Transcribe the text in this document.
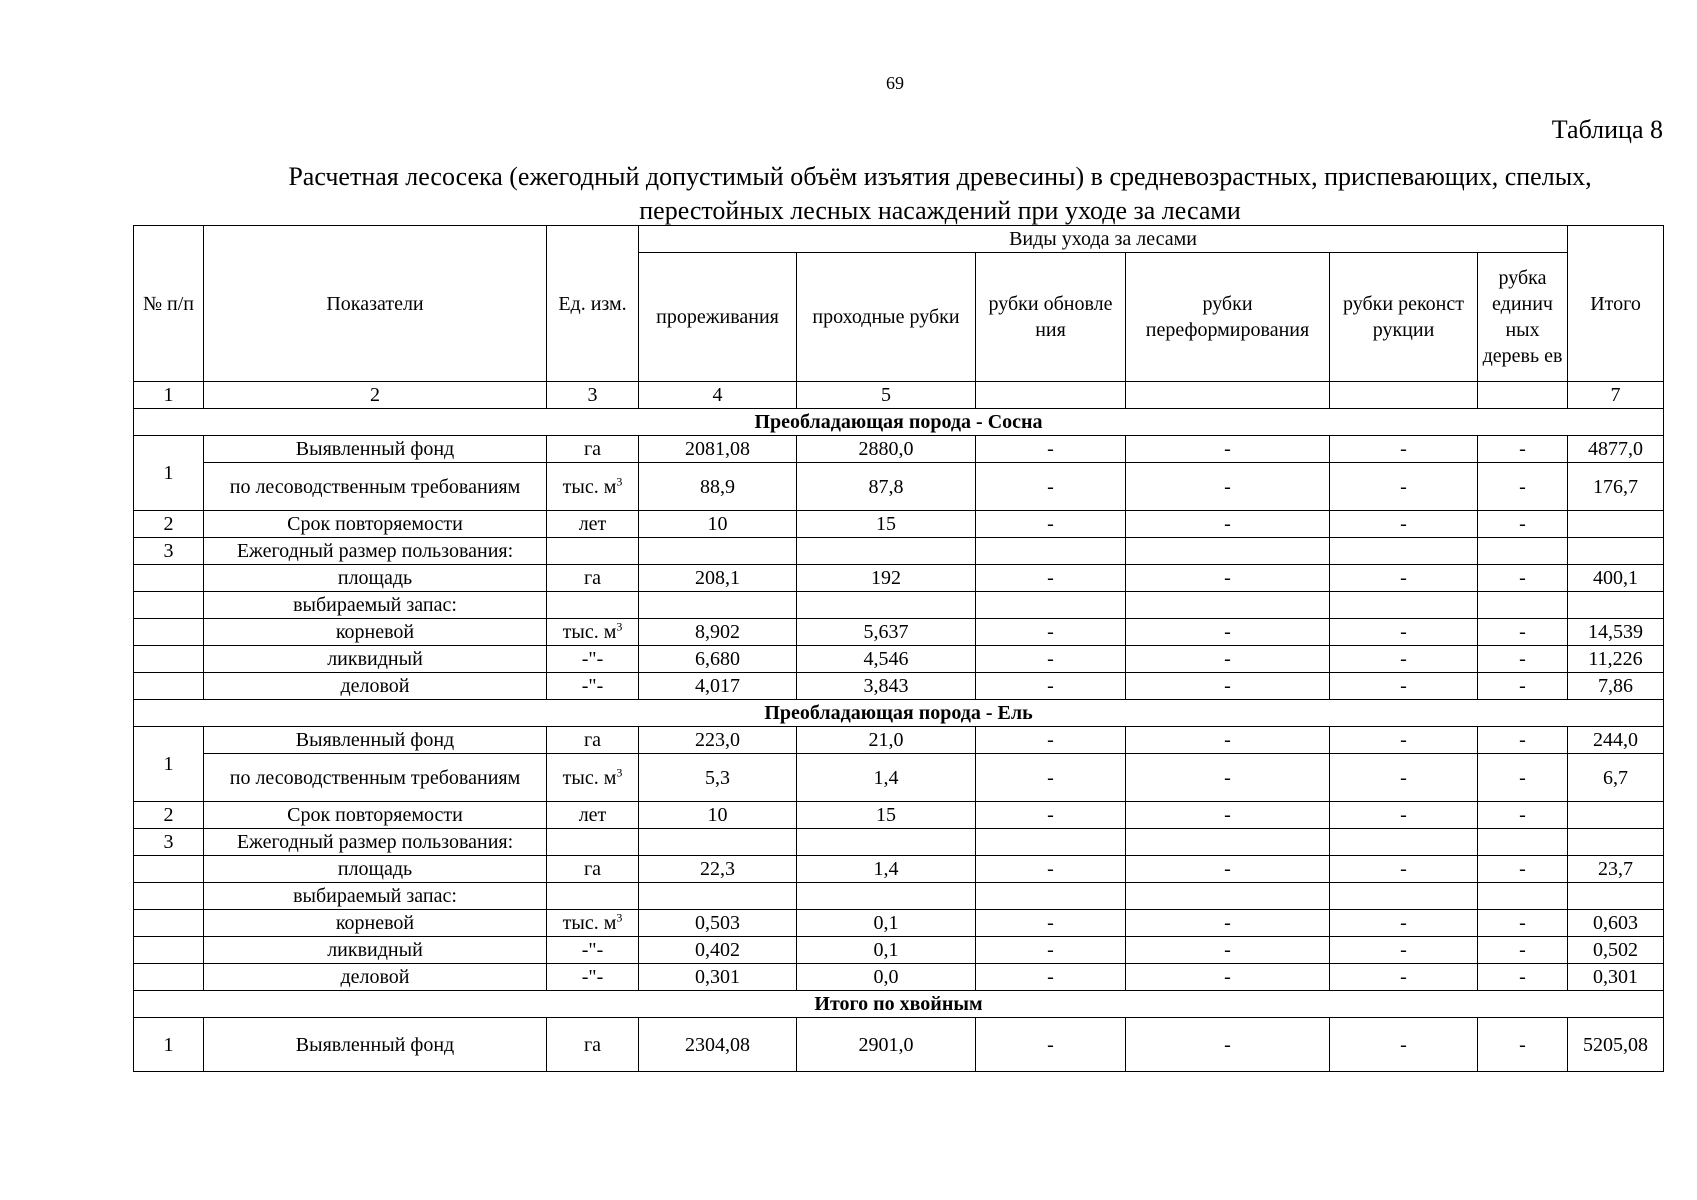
69
Таблица 8
Расчетная лесосека (ежегодный допустимый объём изъятия древесины) в средневозрастных, приспевающих, спелых, перестойных лесных насаждений при уходе за лесами
№ п/п	Показатели	Ед. изм.	Виды ухода за лесами						Итого
			прореживания	проходные рубки	рубки обновле ния	рубки переформирования	рубки реконст рукции	рубка единич ных деревь ев	
1	2	3	4	5					7
Преобладающая порода - Сосна									
1	Выявленный фонд	га	2081,08	2880,0	-	-	-	-	4877,0
	по лесоводственным требованиям	тыс. $м^3$	88,9	87,8	-	-	-	-	176,7
2	Срок повторяемости	лет	10	15	-	-	-	-	
3	Ежегодный размер пользования:								
	площадь	га	208,1	192	-	-	-	-	400,1
	выбираемый запас:								
	корневой	тыс. $м^3$	8,902	5,637	-	-	-	-	14,539
	ликвидный	-"-	6,680	4,546	-	-	-	-	11,226
	деловой	-"-	4,017	3,843	-	-	-	-	7,86
Преобладающая порода - Ель									
1	Выявленный фонд	га	223,0	21,0	-	-	-	-	244,0
	по лесоводственным требованиям	тыс. $м^3$	5,3	1,4	-	-	-	-	6,7
2	Срок повторяемости	лет	10	15	-	-	-	-	
3	Ежегодный размер пользования:								
	площадь	га	22,3	1,4	-	-	-	-	23,7
	выбираемый запас:								
	корневой	тыс. $м^3$	0,503	0,1	-	-	-	-	0,603
	ликвидный	-"-	0,402	0,1	-	-	-	-	0,502
	деловой	-"-	0,301	0,0	-	-	-	-	0,301
Итого по хвойным									
1	Выявленный фонд	га	2304,08	2901,0	-	-	-	-	5205,08
